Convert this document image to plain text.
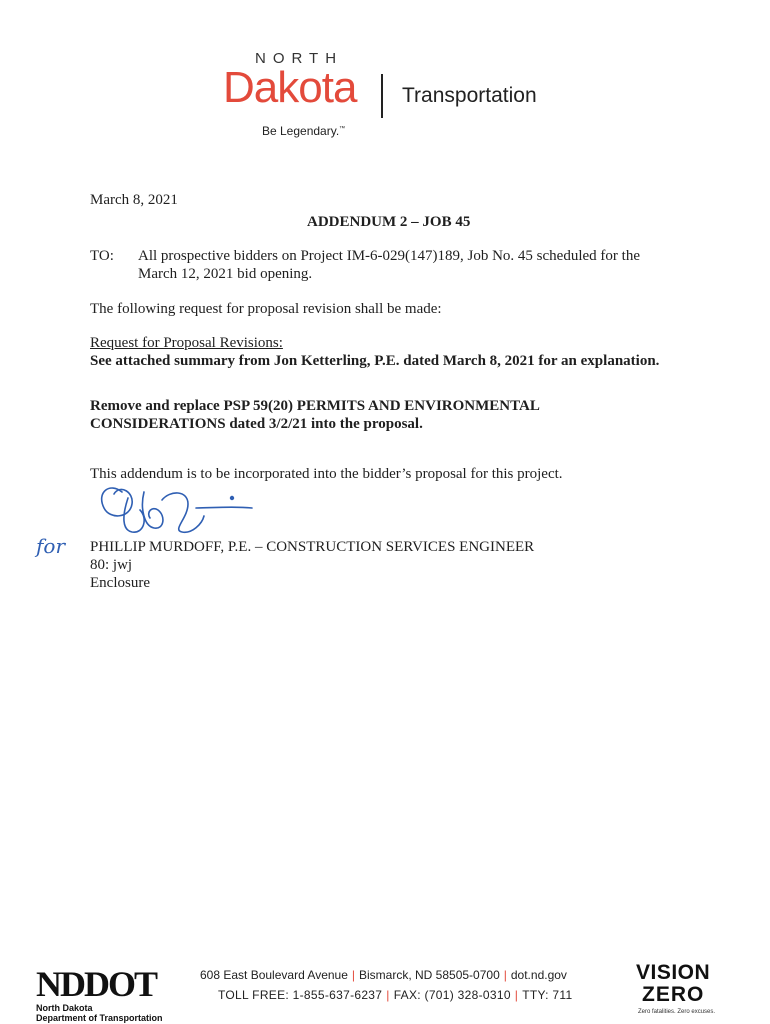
NORTH
Dakota Transportation
Be Legendary.™
March 8, 2021
ADDENDUM 2 – JOB 45
TO: All prospective bidders on Project IM-6-029(147)189, Job No. 45 scheduled for the
March 12, 2021 bid opening.
The following request for proposal revision shall be made:
Request for Proposal Revisions:
See attached summary from Jon Ketterling, P.E. dated March 8, 2021 for an explanation.
Remove and replace PSP 59(20) PERMITS AND ENVIRONMENTAL
CONSIDERATIONS dated 3/2/21 into the proposal.
This addendum is to be incorporated into the bidder’s proposal for this project.
for PHILLIP MURDOFF, P.E. – CONSTRUCTION SERVICES ENGINEER
80: jwj
Enclosure
NDDOT
North Dakota
Department of Transportation
608 East Boulevard Avenue | Bismarck, ND 58505-0700 | dot.nd.gov
TOLL FREE: 1-855-637-6237 | FAX: (701) 328-0310 | TTY: 711
VISION
ZERO
Zero fatalities. Zero excuses.
